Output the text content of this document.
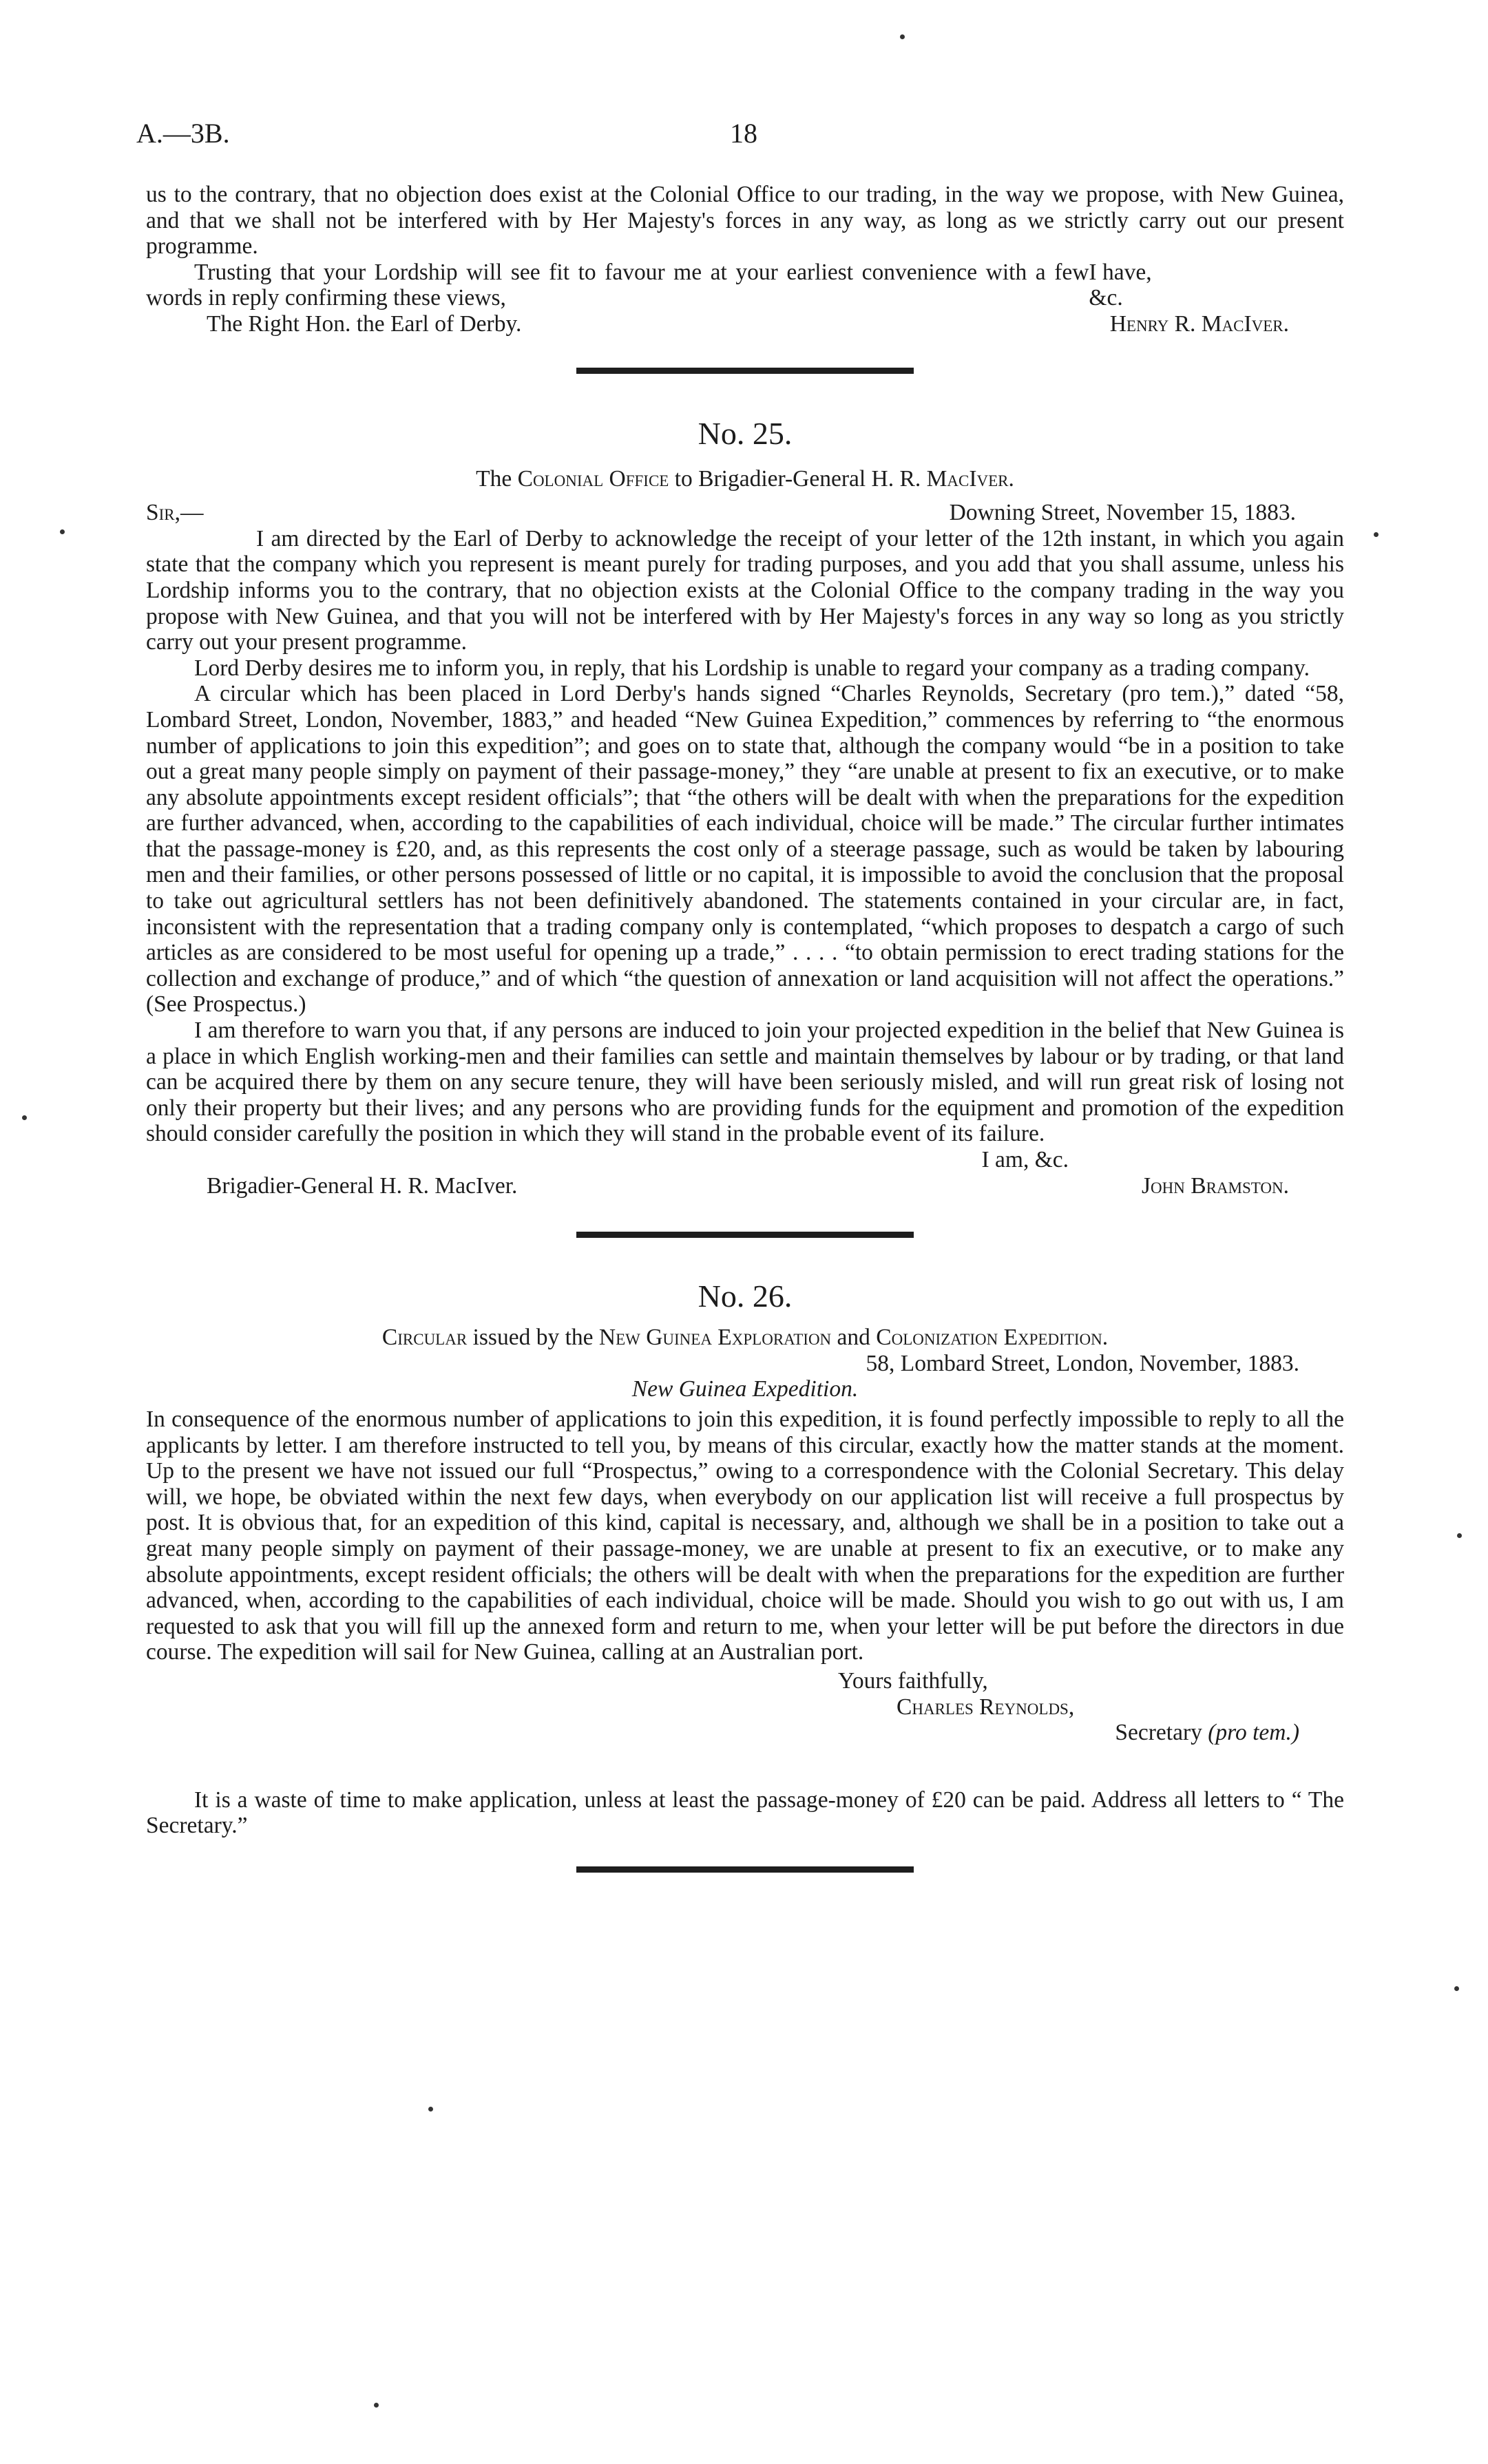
A.—3B.	18

us to the contrary, that no objection does exist at the Colonial Office to our trading, in the way we propose, with New Guinea, and that we shall not be interfered with by Her Majesty's forces in any way, as long as we strictly carry out our present programme.

Trusting that your Lordship will see fit to favour me at your earliest convenience with a few words in reply confirming these views,

I have, &c.
The Right Hon. the Earl of Derby.	Henry R. MacIver.
No. 25.
The Colonial Office to Brigadier-General H. R. MacIver.
Sir,—	Downing Street, November 15, 1883.

I am directed by the Earl of Derby to acknowledge the receipt of your letter of the 12th instant, in which you again state that the company which you represent is meant purely for trading purposes, and you add that you shall assume, unless his Lordship informs you to the contrary, that no objection exists at the Colonial Office to the company trading in the way you propose with New Guinea, and that you will not be interfered with by Her Majesty's forces in any way so long as you strictly carry out your present programme.

Lord Derby desires me to inform you, in reply, that his Lordship is unable to regard your company as a trading company.

A circular which has been placed in Lord Derby's hands signed “Charles Reynolds, Secretary (pro tem.),” dated “58, Lombard Street, London, November, 1883,” and headed “New Guinea Expedition,” commences by referring to “the enormous number of applications to join this expedition”; and goes on to state that, although the company would “be in a position to take out a great many people simply on payment of their passage-money,” they “are unable at present to fix an executive, or to make any absolute appointments except resident officials”; that “the others will be dealt with when the preparations for the expedition are further advanced, when, according to the capabilities of each individual, choice will be made.” The circular further intimates that the passage-money is £20, and, as this represents the cost only of a steerage passage, such as would be taken by labouring men and their families, or other persons possessed of little or no capital, it is impossible to avoid the conclusion that the proposal to take out agricultural settlers has not been definitively abandoned. The statements contained in your circular are, in fact, inconsistent with the representation that a trading company only is contemplated, “which proposes to despatch a cargo of such articles as are considered to be most useful for opening up a trade,” . . . . “to obtain permission to erect trading stations for the collection and exchange of produce,” and of which “the question of annexation or land acquisition will not affect the operations.” (See Prospectus.)

I am therefore to warn you that, if any persons are induced to join your projected expedition in the belief that New Guinea is a place in which English working-men and their families can settle and maintain themselves by labour or by trading, or that land can be acquired there by them on any secure tenure, they will have been seriously misled, and will run great risk of losing not only their property but their lives; and any persons who are providing funds for the equipment and promotion of the expedition should consider carefully the position in which they will stand in the probable event of its failure.

I am, &c.
Brigadier-General H. R. MacIver.	John Bramston.
No. 26.
Circular issued by the New Guinea Exploration and Colonization Expedition.
58, Lombard Street, London, November, 1883.
New Guinea Expedition.

In consequence of the enormous number of applications to join this expedition, it is found perfectly impossible to reply to all the applicants by letter. I am therefore instructed to tell you, by means of this circular, exactly how the matter stands at the moment. Up to the present we have not issued our full “Prospectus,” owing to a correspondence with the Colonial Secretary. This delay will, we hope, be obviated within the next few days, when everybody on our application list will receive a full prospectus by post. It is obvious that, for an expedition of this kind, capital is necessary, and, although we shall be in a position to take out a great many people simply on payment of their passage-money, we are unable at present to fix an executive, or to make any absolute appointments, except resident officials; the others will be dealt with when the preparations for the expedition are further advanced, when, according to the capabilities of each individual, choice will be made. Should you wish to go out with us, I am requested to ask that you will fill up the annexed form and return to me, when your letter will be put before the directors in due course. The expedition will sail for New Guinea, calling at an Australian port.

Yours faithfully,
Charles Reynolds,
Secretary (pro tem.)

It is a waste of time to make application, unless at least the passage-money of £20 can be paid. Address all letters to “ The Secretary.”
